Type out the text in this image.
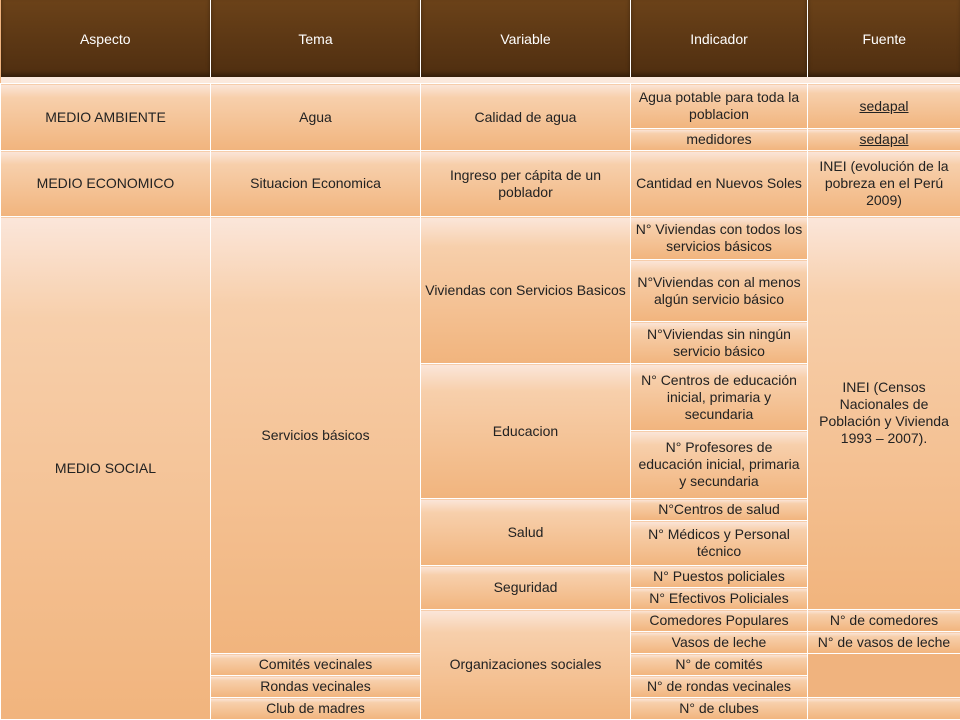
Aspecto	Tema	Variable	Indicador	Fuente	

MEDIO AMBIENTE	Agua	Calidad de agua	Agua potable para toda la poblacion	sedapal	
			medidores	sedapal	
MEDIO ECONOMICO	Situacion Economica	Ingreso per cápita de un poblador	Cantidad en Nuevos Soles	INEI (evolución de la pobreza en el Perú 2009)	
MEDIO SOCIAL	Servicios básicos	Viviendas con Servicios Basicos	N° Viviendas con todos los servicios básicos	INEI (Censos Nacionales de Población y Vivienda 1993 – 2007).	
			N°Viviendas con al menos algún servicio básico		
			N°Viviendas sin ningún servicio básico		
		Educacion	N° Centros de educación inicial, primaria y secundaria		
			N° Profesores de educación inicial, primaria y secundaria		
		Salud	N°Centros de salud		
			N° Médicos y Personal técnico		
		Seguridad	N° Puestos policiales		
			N° Efectivos Policiales		
		Organizaciones sociales	Comedores Populares	N° de comedores	
			Vasos de leche	N° de vasos de leche	
	Comités vecinales		N° de comités		
	Rondas vecinales		N° de rondas vecinales		
	Club de madres		N° de clubes		
